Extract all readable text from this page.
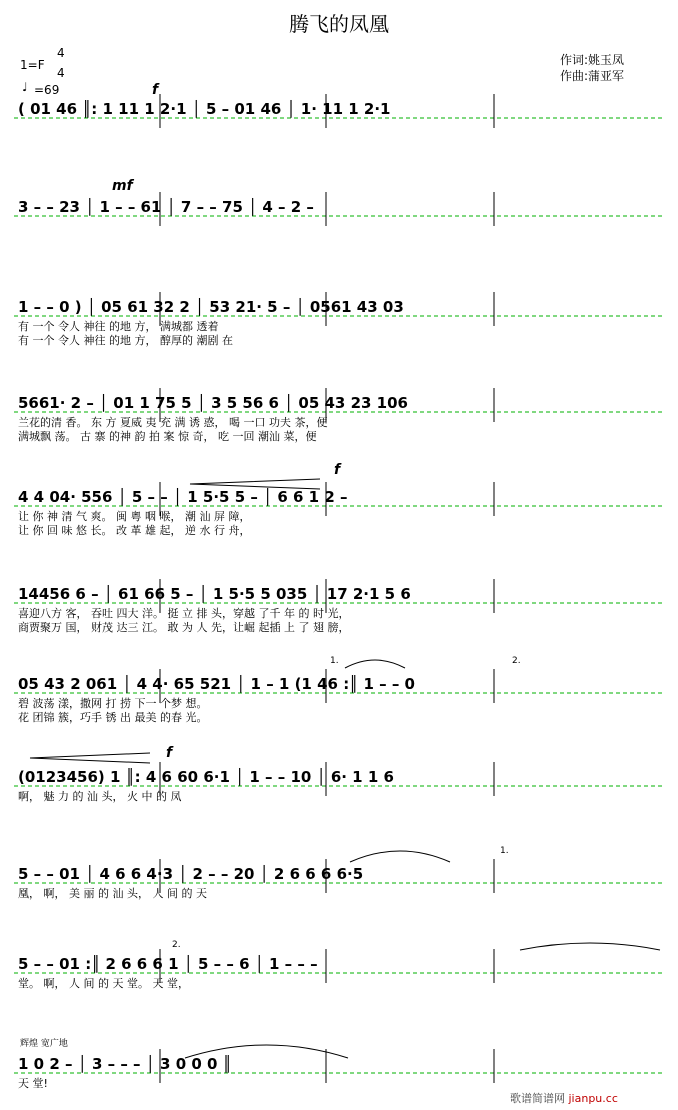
腾飞的凤凰
1=F
4
4
♩ =69
作词:姚玉凤
作曲:蒲亚军
( 01 46 ║: 1 11 1 2·1 │ 5 – 01 46 │ 1· 11 1 2·1
3 – – 23 │ 1 – – 61 │ 7 – – 75 │ 4 – 2 –
1 – – 0 ) │ 05 61 32 2 │ 53 21· 5 – │ 0561 43 03
有 一个 令人 神往 的地 方， 满城都 透着
有 一个 令人 神往 的地 方， 醇厚的 潮剧 在
5661· 2 – │ 01 1 75 5 │ 3 5 56 6 │ 05 43 23 106
兰花的清 香。 东 方 夏威 夷 充 满 诱 惑， 喝 一口 功夫 茶，便
满城飘 荡。 古 寨 的神 韵 拍 案 惊 奇， 吃 一回 潮汕 菜，便
4 4 04· 556 │ 5 – – │ 1 5·5 5 – │ 6 6 1 2 –
让 你 神 清 气 爽。 闽 粤 咽 喉， 潮 汕 屏 障，
让 你 回 味 悠 长。 改 革 雄 起， 逆 水 行 舟，
14456 6 – │ 61 66 5 – │ 1 5·5 5 035 │ 17 2·1 5 6
喜迎八方 客， 吞吐 四大 洋。 挺 立 排 头，穿越 了千 年 的 时 光，
商贾聚万 国， 财茂 达三 江。 敢 为 人 先，让崛 起插 上 了 翅 膀，
05 43 2 061 │ 4 4· 65 521 │ 1 – 1 (1 46 :║ 1 – – 0
碧 波荡 漾，撒网 打 捞 下一 个梦 想。
花 团锦 簇，巧手 锈 出 最美 的春 光。
(0123456) 1 ║: 4 6 60 6·1 │ 1 – – 10 │ 6· 1 1 6
啊， 魅 力 的 汕 头， 火 中 的 凤
5 – – 01 │ 4 6 6 4·3 │ 2 – – 20 │ 2 6 6 6 6·5
凰， 啊， 美 丽 的 汕 头， 人 间 的 天
5 – – 01 :║ 2 6 6 6 1 │ 5 – – 6 │ 1 – – –
堂。 啊， 人 间 的 天 堂。 天 堂，
1 0 2 – │ 3 – – – │ 3 0 0 0 ║
天 堂!
f
mf
f
f
1.	2.
1.
2.
辉煌 宽广地
歌谱简谱网 jianpu.cc
